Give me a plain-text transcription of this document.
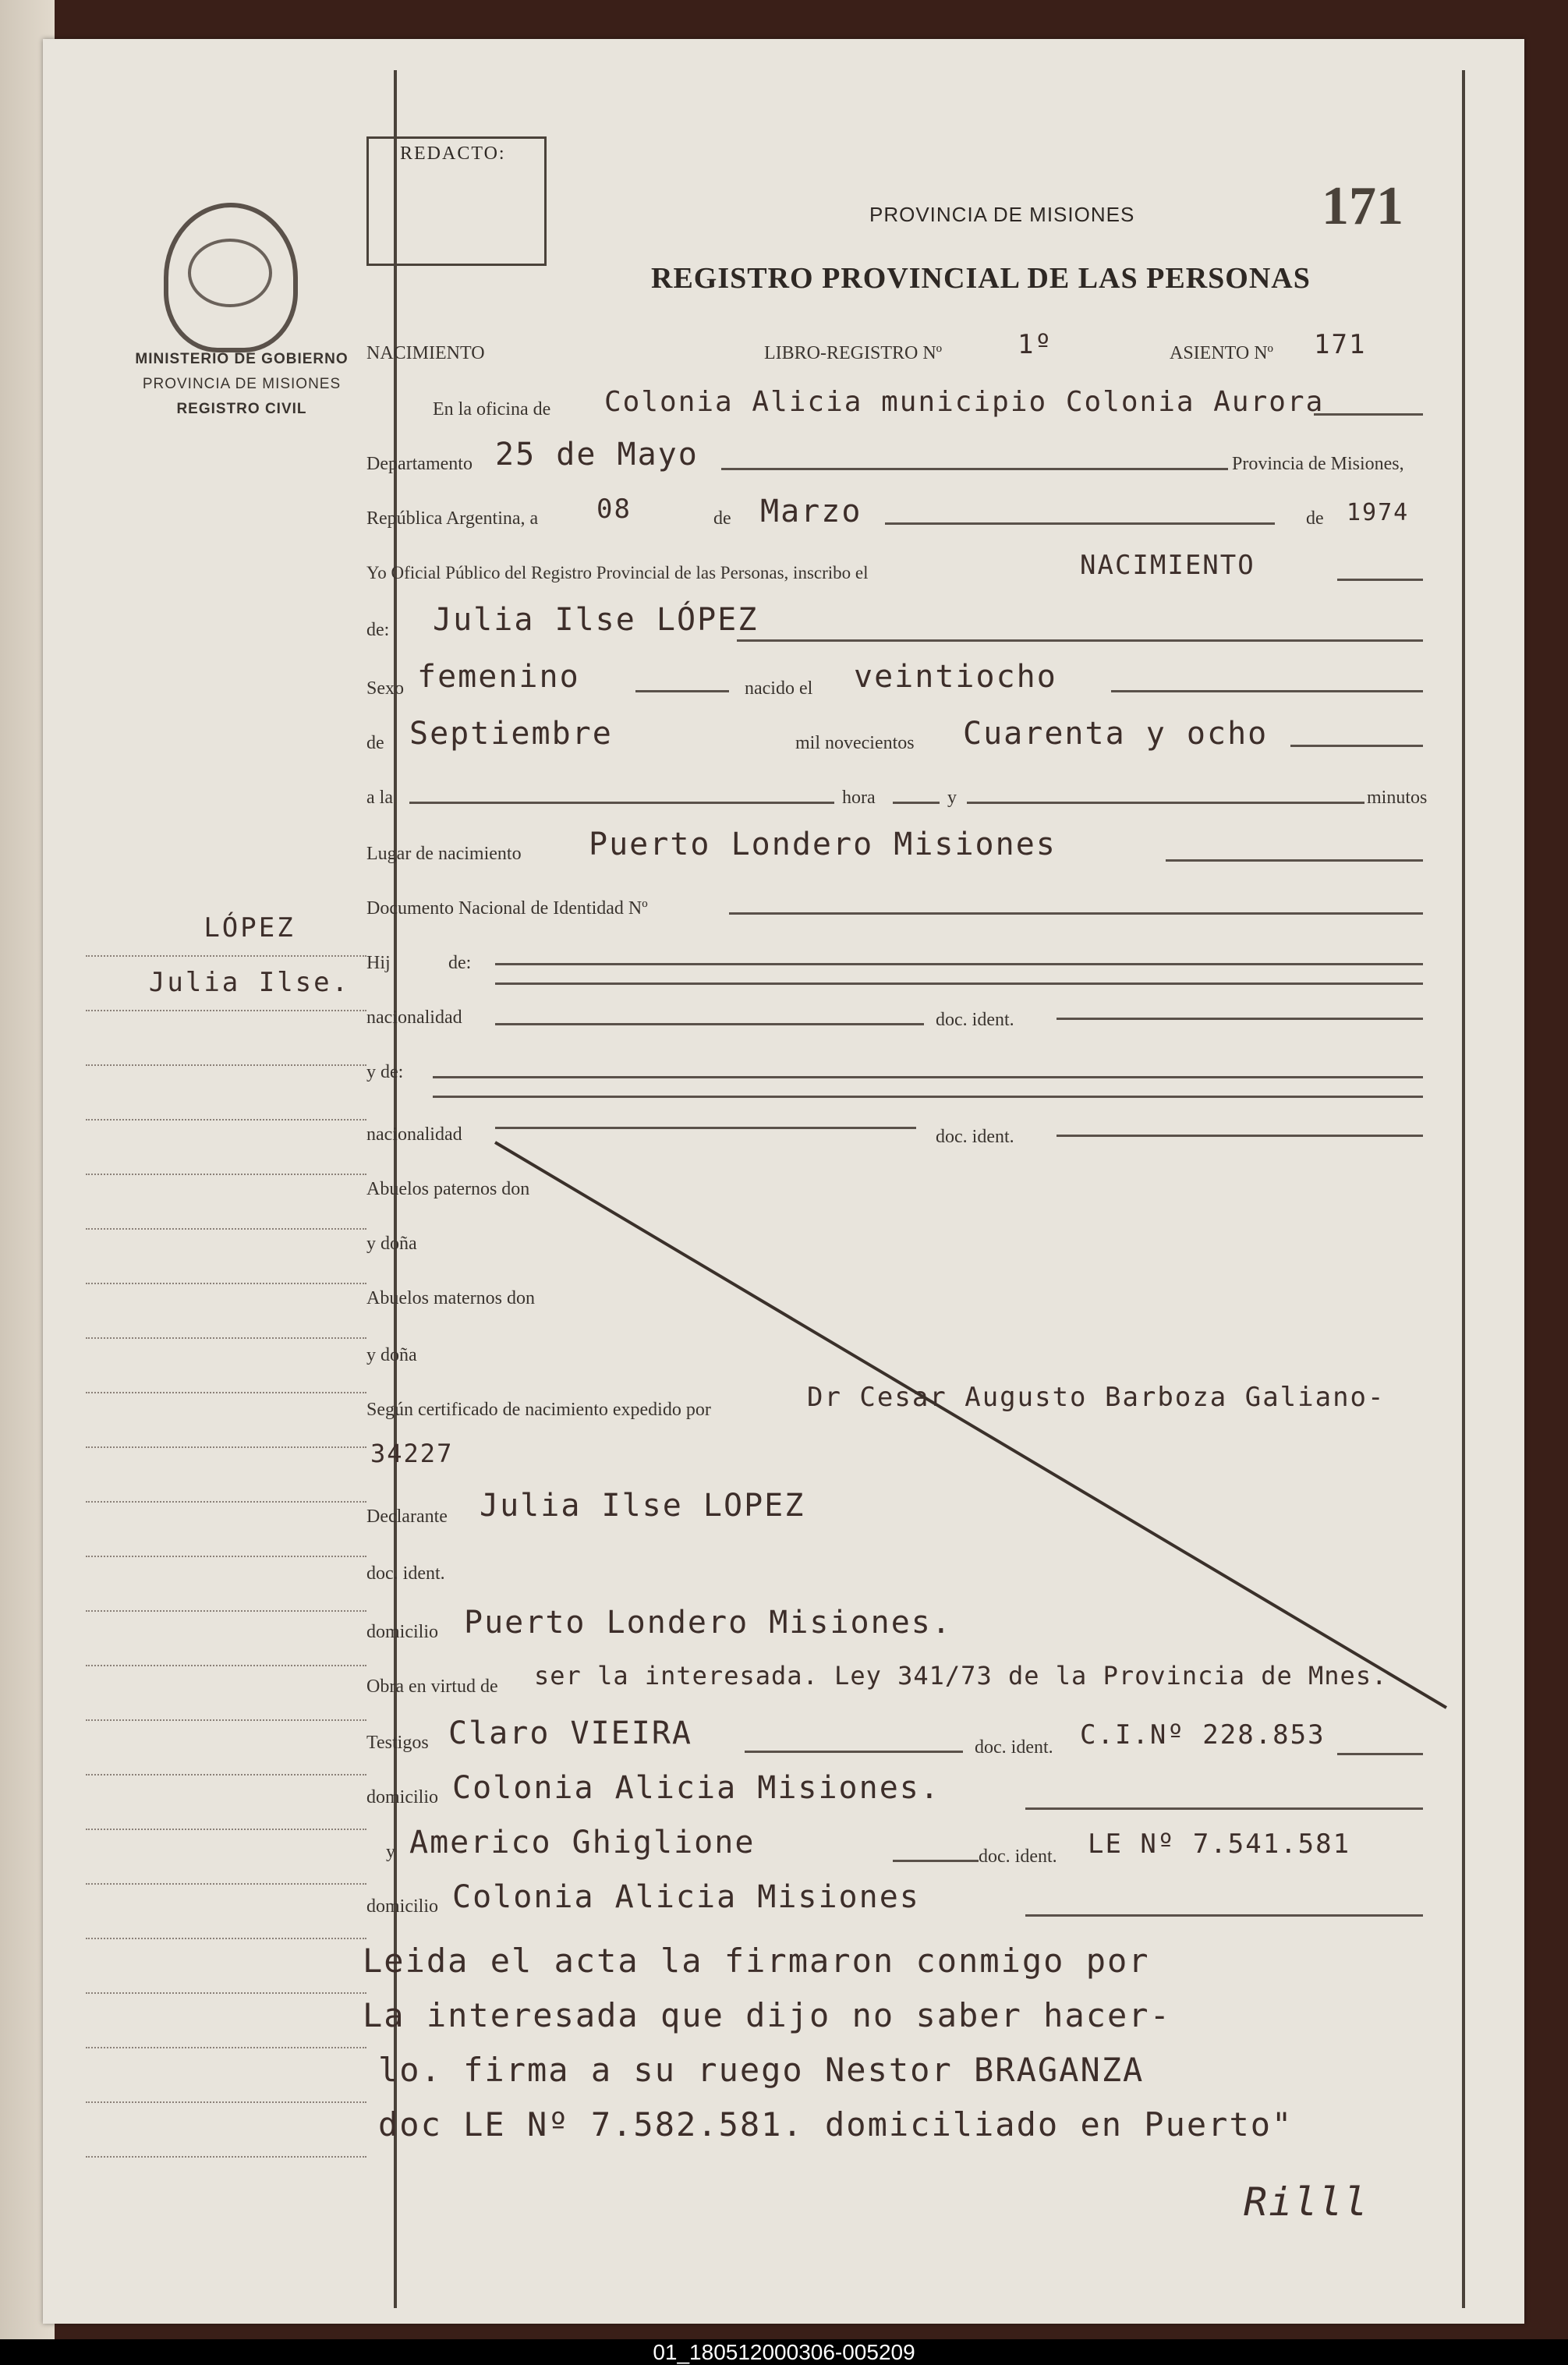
MINISTERIO DE GOBIERNO
PROVINCIA DE MISIONES
REGISTRO CIVIL
LÓPEZ
Julia Ilse.
REDACTO:
PROVINCIA DE MISIONES	171
REGISTRO PROVINCIAL DE LAS PERSONAS
NACIMIENTO	LIBRO-REGISTRO Nº	1º	ASIENTO Nº 171
En la oficina de Colonia Alicia municipio Colonia Aurora
Departamento 25 de Mayo	Provincia de Misiones,
República Argentina, a 08	de Marzo	de 1974
Yo Oficial Público del Registro Provincial de las Personas, inscribo el	NACIMIENTO
de: Julia Ilse LÓPEZ
Sexo femenino	nacido el veintiocho
de Septiembre	mil novecientos Cuarenta y ocho
a la	hora	y	minutos
Lugar de nacimiento Puerto Londero Misiones
Documento Nacional de Identidad Nº
Hij	de:
nacionalidad	doc. ident.
y de:
nacionalidad	doc. ident.
Abuelos paternos don
y doña
Abuelos maternos don
y doña
Según certificado de nacimiento expedido por	Dr Cesar Augusto Barboza Galiano-
34227
Declarante Julia Ilse LOPEZ
doc. ident.
domicilio Puerto Londero Misiones.
Obra en virtud de ser la interesada. Ley 341/73 de la Provincia de Mnes.
Testigos Claro VIEIRA	doc. ident. C.I.Nº 228.853
domicilio Colonia Alicia Misiones.
y Americo Ghiglione	doc. ident. LE Nº 7.541.581
domicilio Colonia Alicia Misiones
Leida el acta la firmaron conmigo por
La interesada que dijo no saber hacer-
lo. firma a su ruego Nestor BRAGANZA
doc LE Nº 7.582.581. domiciliado en Puerto"
Rilll
01_180512000306-005209
